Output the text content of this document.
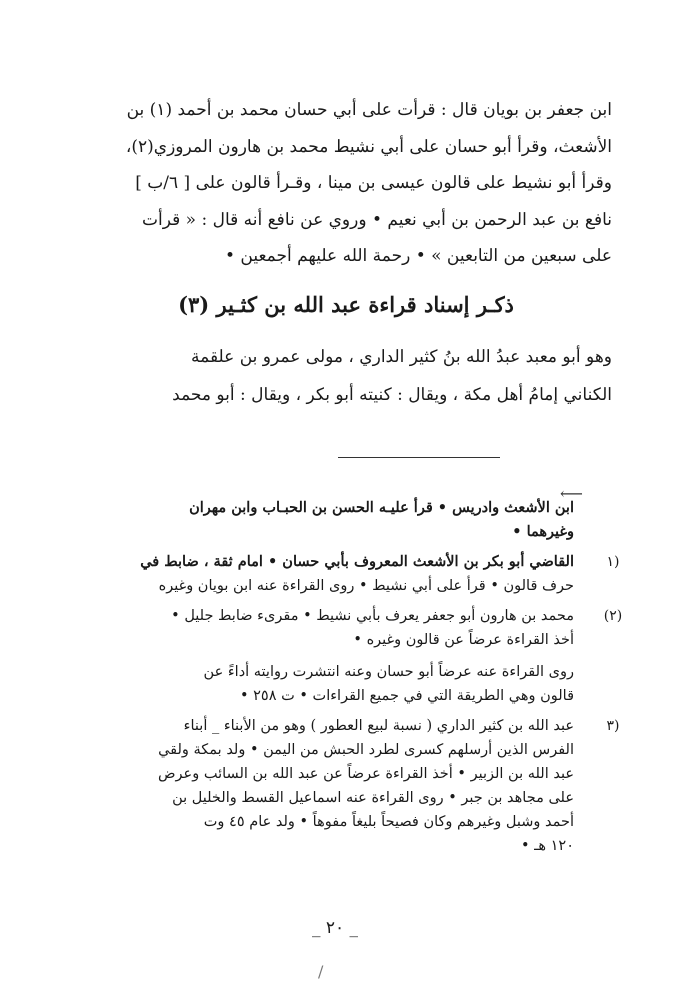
ابن جعفر بن بويان قال : قرأت على أبي حسان محمد بن أحمد (١) بن
الأشعث، وقرأ أبو حسان على أبي نشيط محمد بن هارون المروزي(٢)،
وقرأ أبو نشيط على قالون عيسى بن مينا ، وقـرأ قالون على [ ٦/ب ]
نافع بن عبد الرحمن بن أبي نعيم • وروي عن نافع أنه قال : « قرأت
على سبعين من التابعين » • رحمة الله عليهم أجمعين •
ذكـر إسناد قراءة عبد الله بن كثـير (٣)
وهو أبو معبد عبدُ الله بنُ كثير الداري ، مولى عمرو بن علقمة
الكناني إمامُ أهل مكة ، ويقال : كنيته أبو بكر ، ويقال : أبو محمد
⟵
ابن الأشعث وادريس • قرأ عليـه الحسن بن الحبـاب وابن مهران
وغيرهما •
(١
القاضي أبو بكر بن الأشعث المعروف بأبي حسان • امام ثقة ، ضابط في
حرف قالون • قرأ على أبي نشيط • روى القراءة عنه ابن بويان وغيره
(٢)
محمد بن هارون أبو جعفر يعرف بأبي نشيط • مقرىء ضابط جليل •
أخذ القراءة عرضاً عن قالون وغيره •
روى القراءة عنه عرضاً أبو حسان وعنه انتشرت روايته أداءً عن
قالون وهي الطريقة التي في جميع القراءات • ت ٢٥٨ •
(٣
عبد الله بن كثير الداري ( نسبة لبيع العطور ) وهو من الأبناء _ أبناء
الفرس الذين أرسلهم كسرى لطرد الحبش من اليمن • ولد بمكة ولقي
عبد الله بن الزبير • أخذ القراءة عرضاً عن عبد الله بن السائب وعرض
على مجاهد بن جبر • روى القراءة عنه اسماعيل القسط والخليل بن
أحمد وشبل وغيرهم وكان فصيحاً بليغاً مفوهاً • ولد عام ٤٥ وت
١٢٠ هـ •
_ ٢٠ _
/
